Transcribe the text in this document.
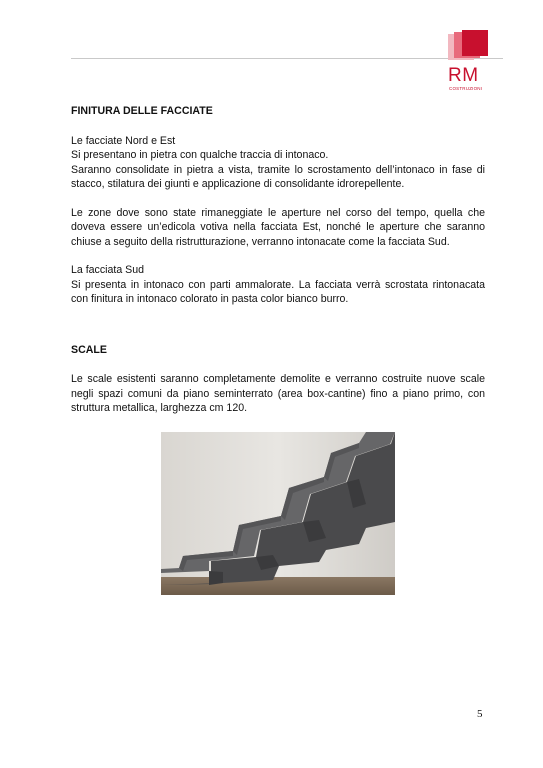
RM
COSTRUZIONI

FINITURA DELLE FACCIATE

Le facciate Nord e Est

Si presentano in pietra con qualche traccia di intonaco.

Saranno consolidate in pietra a vista, tramite lo scrostamento dell’intonaco in fase di stacco, stilatura dei giunti e applicazione di consolidante idrorepellente.

Le zone dove sono state rimaneggiate le aperture nel corso del tempo, quella che doveva essere un’edicola votiva nella facciata Est, nonché le aperture che saranno chiuse a seguito della ristrutturazione, verranno intonacate come la facciata Sud.

La facciata Sud

Si presenta in intonaco con parti ammalorate. La facciata verrà scrostata rintonacata con finitura in intonaco colorato in pasta color bianco burro.

SCALE

Le scale esistenti saranno completamente demolite e verranno costruite nuove scale negli spazi comuni da piano seminterrato (area box-cantine) fino a piano primo, con struttura metallica, larghezza cm 120.

5
